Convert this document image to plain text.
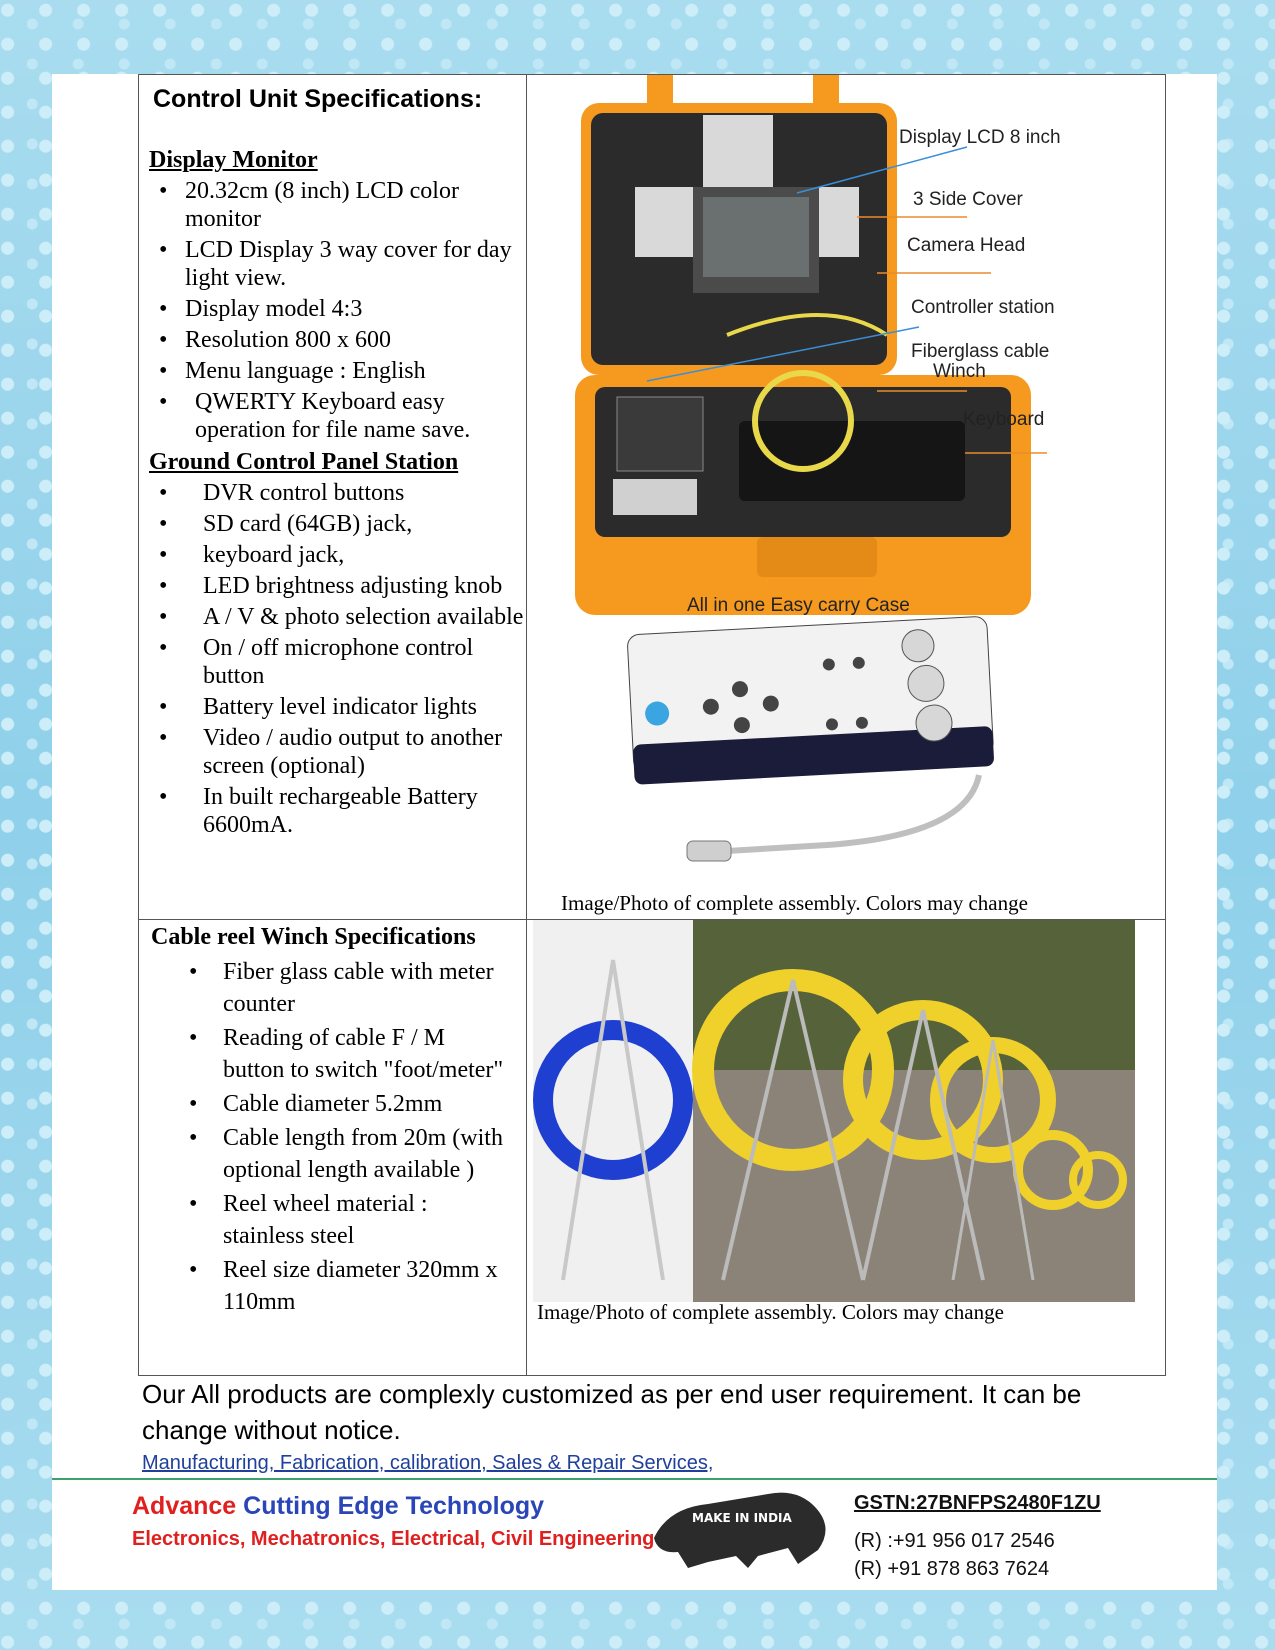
Control Unit Specifications:
Display Monitor
• 20.32cm (8 inch) LCD color monitor
• LCD Display 3 way cover for day light view.
• Display model 4:3
• Resolution 800 x 600
• Menu language : English
• QWERTY Keyboard easy operation for file name save.
Ground Control Panel Station
• DVR control buttons
• SD card (64GB) jack,
• keyboard jack,
• LED brightness adjusting knob
• A / V & photo selection available
• On / off microphone control button
• Battery level indicator lights
• Video / audio output to another screen (optional)
• In built rechargeable Battery 6600mA.
Display LCD 8 inch
3 Side Cover
Camera Head
Controller station
Fiberglass cable
Winch
Keyboard
All in one Easy carry Case
Image/Photo of complete assembly. Colors may change
Cable reel Winch Specifications
• Fiber glass cable with meter counter
• Reading of cable F / M button to switch "foot/meter"
• Cable diameter 5.2mm
• Cable length from 20m (with optional length available )
• Reel wheel material : stainless steel
• Reel size diameter 320mm x 110mm	Image/Photo of complete assembly. Colors may change
Our All products are complexly customized as per end user requirement. It can be change without notice.
Manufacturing, Fabrication, calibration, Sales & Repair Services,
Advance Cutting Edge Technology
Electronics, Mechatronics, Electrical, Civil Engineering
MAKE IN INDIA
GSTN:27BNFPS2480F1ZU
(R) :+91 956 017 2546
(R) +91 878 863 7624
